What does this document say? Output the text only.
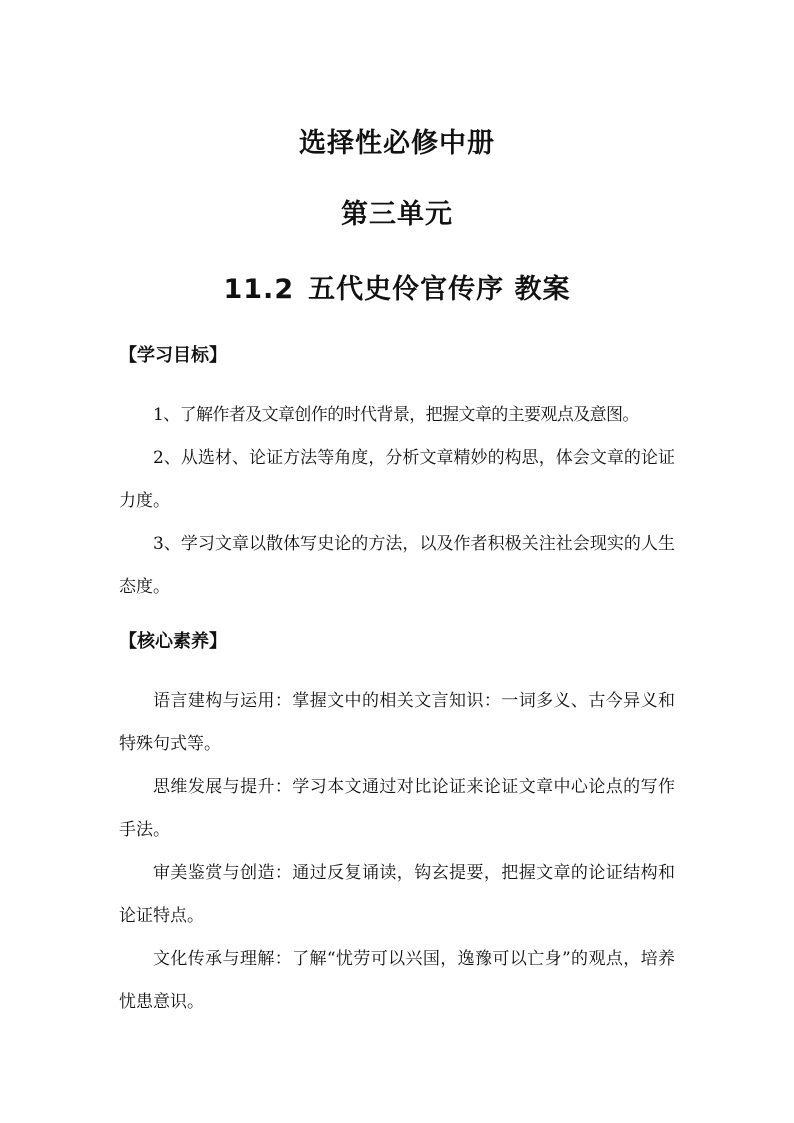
选择性必修中册
第三单元
11.2 五代史伶官传序 教案
【学习目标】
1、了解作者及文章创作的时代背景，把握文章的主要观点及意图。
2、从选材、论证方法等角度，分析文章精妙的构思，体会文章的论证力度。
3、学习文章以散体写史论的方法，以及作者积极关注社会现实的人生态度。
【核心素养】
语言建构与运用：掌握文中的相关文言知识：一词多义、古今异义和特殊句式等。
思维发展与提升：学习本文通过对比论证来论证文章中心论点的写作手法。
审美鉴赏与创造：通过反复诵读，钩玄提要，把握文章的论证结构和论证特点。
文化传承与理解：了解“忧劳可以兴国，逸豫可以亡身”的观点，培养忧患意识。
